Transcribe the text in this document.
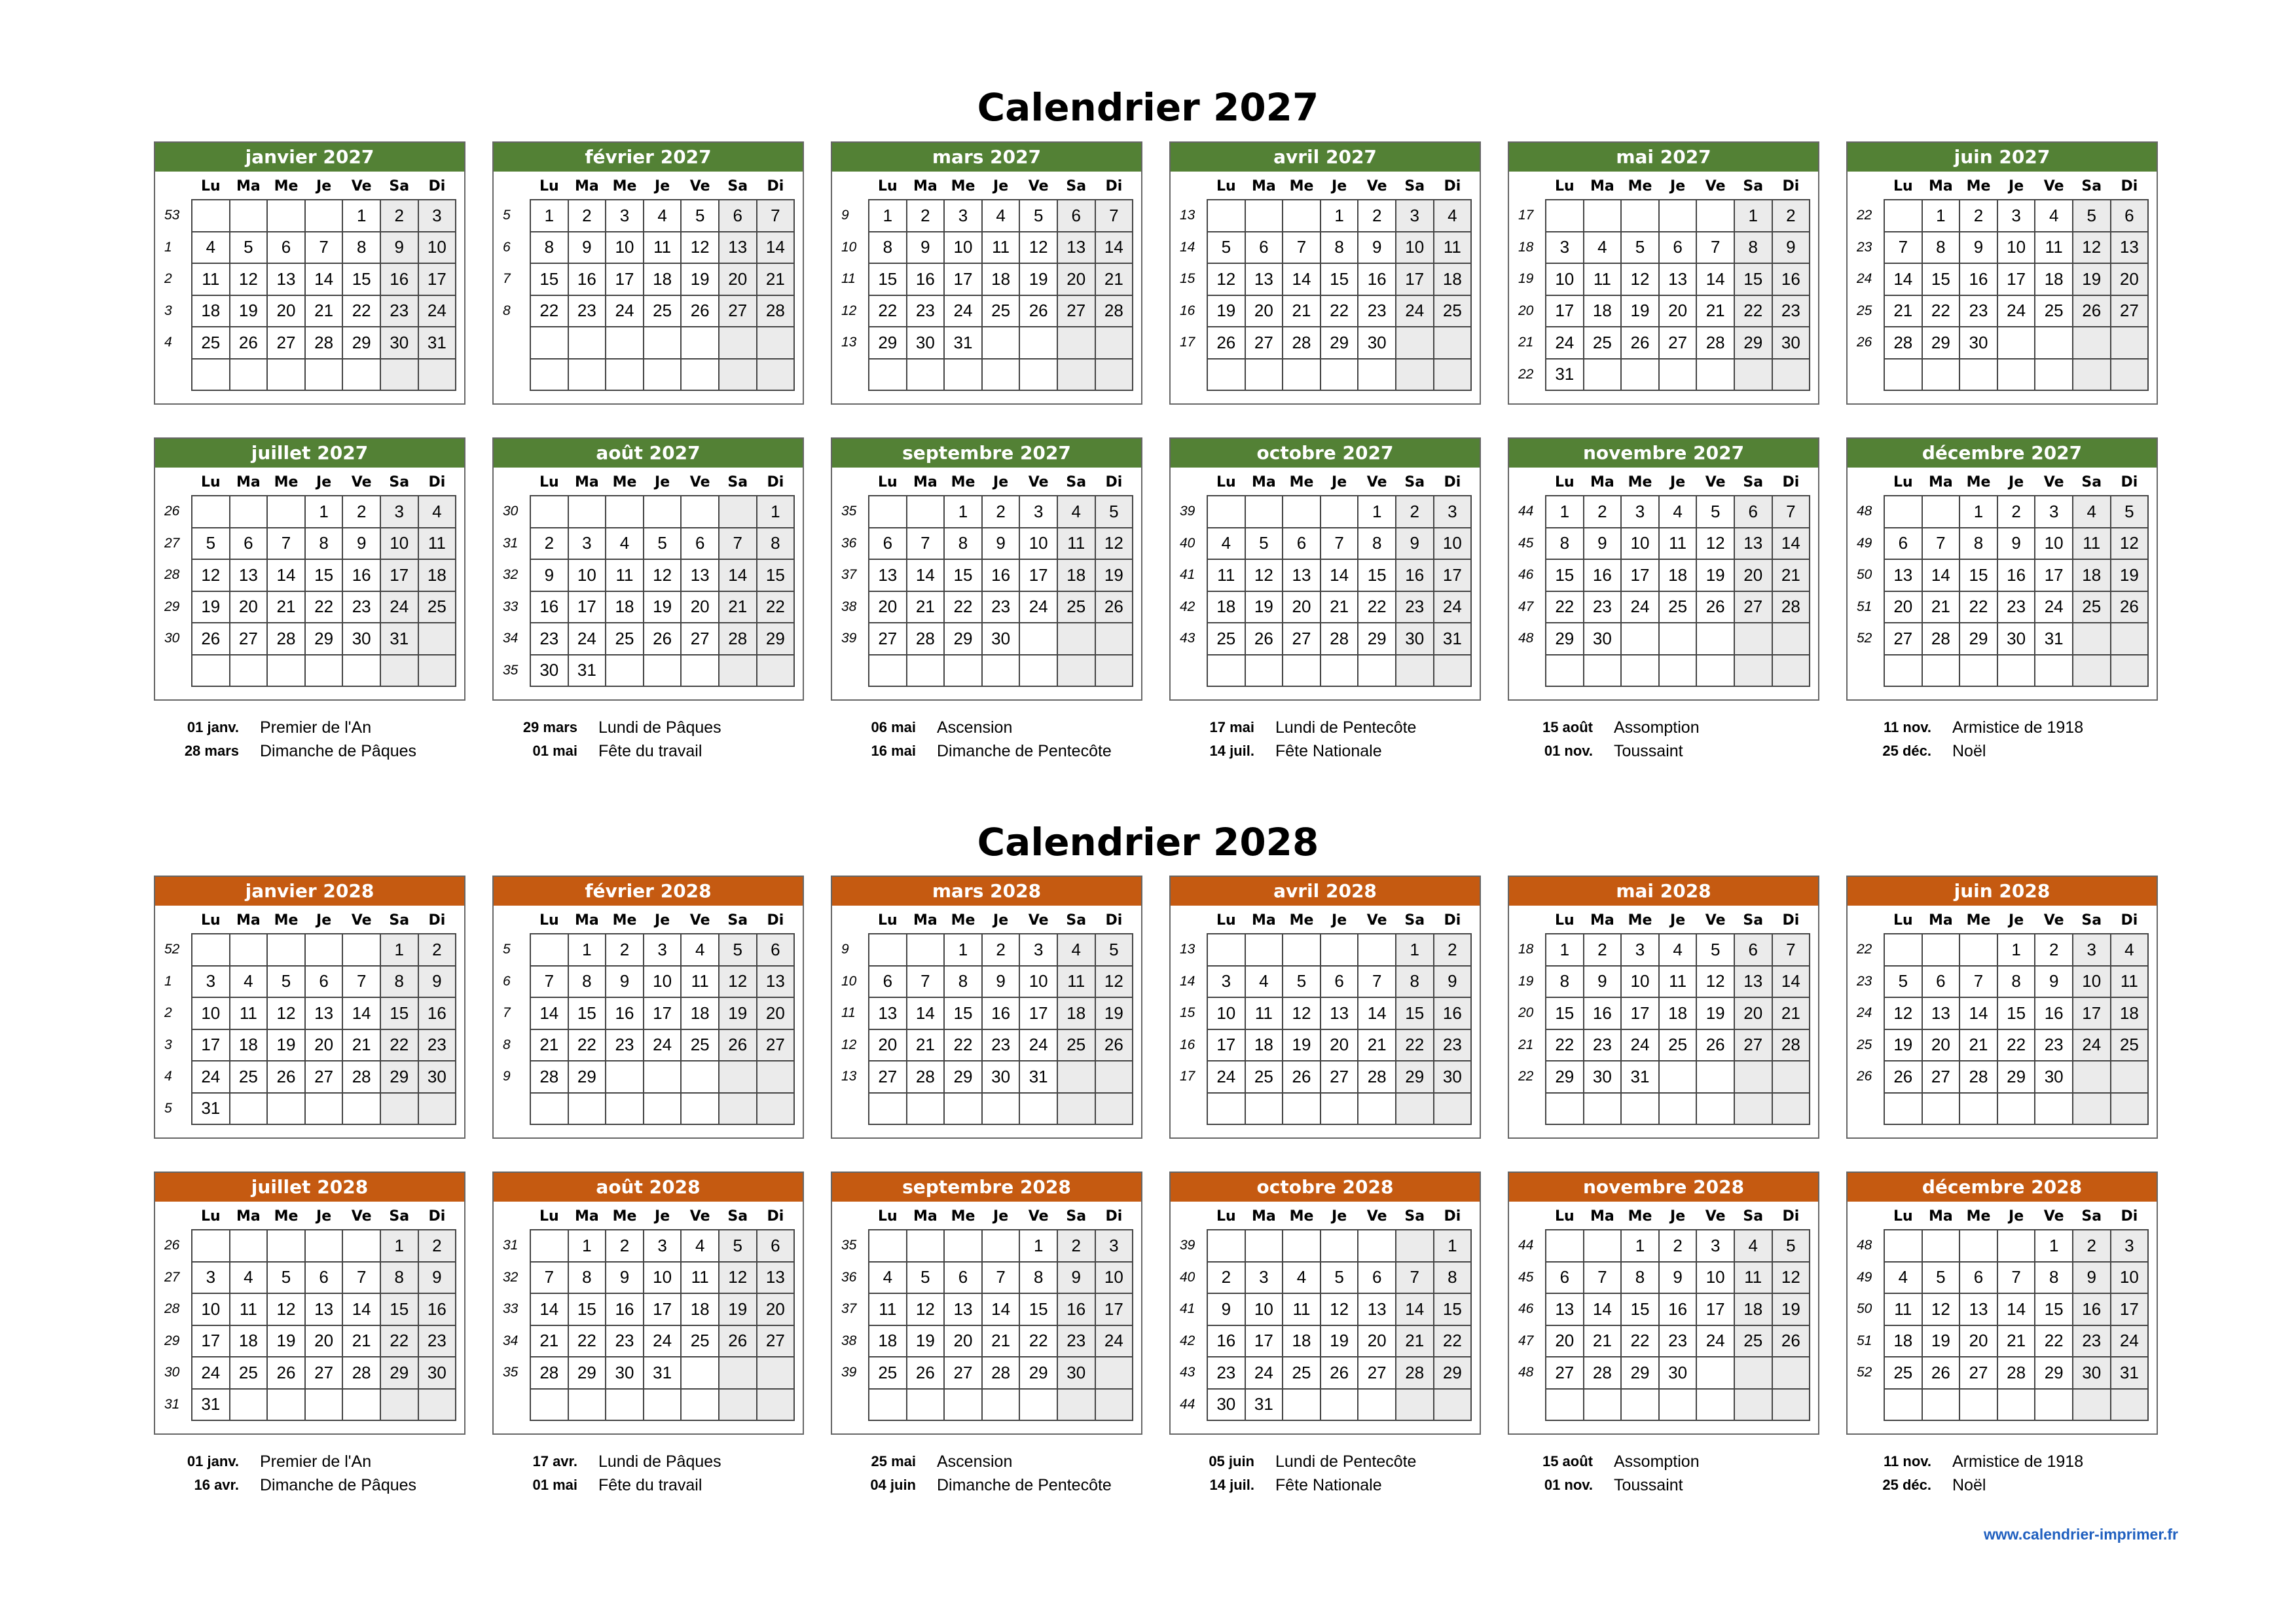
Calendrier 2027
janvier 2027
	Lu	Ma	Me	Je	Ve	Sa	Di
53					1	2	3
1	4	5	6	7	8	9	10
2	11	12	13	14	15	16	17
3	18	19	20	21	22	23	24
4	25	26	27	28	29	30	31

février 2027
	Lu	Ma	Me	Je	Ve	Sa	Di
5	1	2	3	4	5	6	7
6	8	9	10	11	12	13	14
7	15	16	17	18	19	20	21
8	22	23	24	25	26	27	28

mars 2027
	Lu	Ma	Me	Je	Ve	Sa	Di
9	1	2	3	4	5	6	7
10	8	9	10	11	12	13	14
11	15	16	17	18	19	20	21
12	22	23	24	25	26	27	28
13	29	30	31				

avril 2027
	Lu	Ma	Me	Je	Ve	Sa	Di
13				1	2	3	4
14	5	6	7	8	9	10	11
15	12	13	14	15	16	17	18
16	19	20	21	22	23	24	25
17	26	27	28	29	30		

mai 2027
	Lu	Ma	Me	Je	Ve	Sa	Di
17						1	2
18	3	4	5	6	7	8	9
19	10	11	12	13	14	15	16
20	17	18	19	20	21	22	23
21	24	25	26	27	28	29	30
22	31						
juin 2027
	Lu	Ma	Me	Je	Ve	Sa	Di
22		1	2	3	4	5	6
23	7	8	9	10	11	12	13
24	14	15	16	17	18	19	20
25	21	22	23	24	25	26	27
26	28	29	30				

juillet 2027
	Lu	Ma	Me	Je	Ve	Sa	Di
26				1	2	3	4
27	5	6	7	8	9	10	11
28	12	13	14	15	16	17	18
29	19	20	21	22	23	24	25
30	26	27	28	29	30	31	

août 2027
	Lu	Ma	Me	Je	Ve	Sa	Di
30							1
31	2	3	4	5	6	7	8
32	9	10	11	12	13	14	15
33	16	17	18	19	20	21	22
34	23	24	25	26	27	28	29
35	30	31					
septembre 2027
	Lu	Ma	Me	Je	Ve	Sa	Di
35			1	2	3	4	5
36	6	7	8	9	10	11	12
37	13	14	15	16	17	18	19
38	20	21	22	23	24	25	26
39	27	28	29	30			

octobre 2027
	Lu	Ma	Me	Je	Ve	Sa	Di
39					1	2	3
40	4	5	6	7	8	9	10
41	11	12	13	14	15	16	17
42	18	19	20	21	22	23	24
43	25	26	27	28	29	30	31

novembre 2027
	Lu	Ma	Me	Je	Ve	Sa	Di
44	1	2	3	4	5	6	7
45	8	9	10	11	12	13	14
46	15	16	17	18	19	20	21
47	22	23	24	25	26	27	28
48	29	30					

décembre 2027
	Lu	Ma	Me	Je	Ve	Sa	Di
48			1	2	3	4	5
49	6	7	8	9	10	11	12
50	13	14	15	16	17	18	19
51	20	21	22	23	24	25	26
52	27	28	29	30	31		

01 janv. Premier de l'An
28 mars Dimanche de Pâques
29 mars Lundi de Pâques
01 mai Fête du travail
06 mai Ascension
16 mai Dimanche de Pentecôte
17 mai Lundi de Pentecôte
14 juil. Fête Nationale
15 août Assomption
01 nov. Toussaint
11 nov. Armistice de 1918
25 déc. Noël
Calendrier 2028
janvier 2028
	Lu	Ma	Me	Je	Ve	Sa	Di
52						1	2
1	3	4	5	6	7	8	9
2	10	11	12	13	14	15	16
3	17	18	19	20	21	22	23
4	24	25	26	27	28	29	30
5	31						
février 2028
	Lu	Ma	Me	Je	Ve	Sa	Di
5		1	2	3	4	5	6
6	7	8	9	10	11	12	13
7	14	15	16	17	18	19	20
8	21	22	23	24	25	26	27
9	28	29					

mars 2028
	Lu	Ma	Me	Je	Ve	Sa	Di
9			1	2	3	4	5
10	6	7	8	9	10	11	12
11	13	14	15	16	17	18	19
12	20	21	22	23	24	25	26
13	27	28	29	30	31		

avril 2028
	Lu	Ma	Me	Je	Ve	Sa	Di
13						1	2
14	3	4	5	6	7	8	9
15	10	11	12	13	14	15	16
16	17	18	19	20	21	22	23
17	24	25	26	27	28	29	30

mai 2028
	Lu	Ma	Me	Je	Ve	Sa	Di
18	1	2	3	4	5	6	7
19	8	9	10	11	12	13	14
20	15	16	17	18	19	20	21
21	22	23	24	25	26	27	28
22	29	30	31				

juin 2028
	Lu	Ma	Me	Je	Ve	Sa	Di
22				1	2	3	4
23	5	6	7	8	9	10	11
24	12	13	14	15	16	17	18
25	19	20	21	22	23	24	25
26	26	27	28	29	30		

juillet 2028
	Lu	Ma	Me	Je	Ve	Sa	Di
26						1	2
27	3	4	5	6	7	8	9
28	10	11	12	13	14	15	16
29	17	18	19	20	21	22	23
30	24	25	26	27	28	29	30
31	31						
août 2028
	Lu	Ma	Me	Je	Ve	Sa	Di
31		1	2	3	4	5	6
32	7	8	9	10	11	12	13
33	14	15	16	17	18	19	20
34	21	22	23	24	25	26	27
35	28	29	30	31			

septembre 2028
	Lu	Ma	Me	Je	Ve	Sa	Di
35					1	2	3
36	4	5	6	7	8	9	10
37	11	12	13	14	15	16	17
38	18	19	20	21	22	23	24
39	25	26	27	28	29	30	

octobre 2028
	Lu	Ma	Me	Je	Ve	Sa	Di
39							1
40	2	3	4	5	6	7	8
41	9	10	11	12	13	14	15
42	16	17	18	19	20	21	22
43	23	24	25	26	27	28	29
44	30	31					
novembre 2028
	Lu	Ma	Me	Je	Ve	Sa	Di
44			1	2	3	4	5
45	6	7	8	9	10	11	12
46	13	14	15	16	17	18	19
47	20	21	22	23	24	25	26
48	27	28	29	30			

décembre 2028
	Lu	Ma	Me	Je	Ve	Sa	Di
48					1	2	3
49	4	5	6	7	8	9	10
50	11	12	13	14	15	16	17
51	18	19	20	21	22	23	24
52	25	26	27	28	29	30	31

01 janv. Premier de l'An
16 avr. Dimanche de Pâques
17 avr. Lundi de Pâques
01 mai Fête du travail
25 mai Ascension
04 juin Dimanche de Pentecôte
05 juin Lundi de Pentecôte
14 juil. Fête Nationale
15 août Assomption
01 nov. Toussaint
11 nov. Armistice de 1918
25 déc. Noël
www.calendrier-imprimer.fr
